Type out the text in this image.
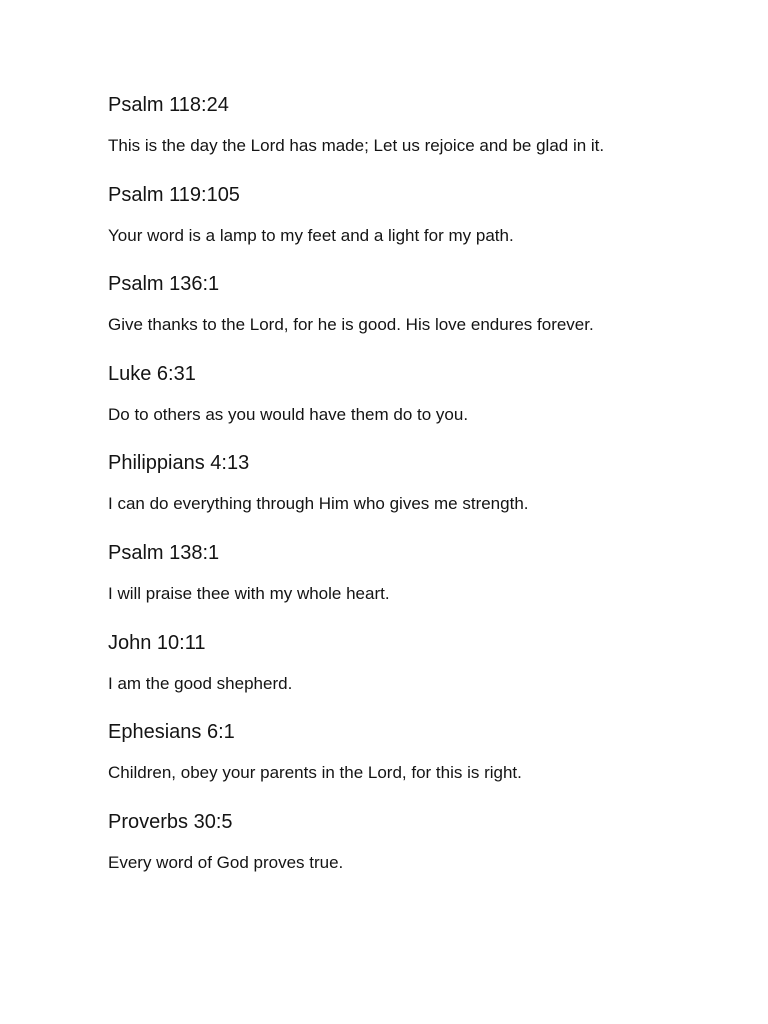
Psalm 118:24

This is the day the Lord has made; Let us rejoice and be glad in it.

Psalm 119:105

Your word is a lamp to my feet and a light for my path.

Psalm 136:1

Give thanks to the Lord, for he is good. His love endures forever.

Luke 6:31

Do to others as you would have them do to you.

Philippians 4:13

I can do everything through Him who gives me strength.

Psalm 138:1

I will praise thee with my whole heart.

John 10:11

I am the good shepherd.

Ephesians 6:1

Children, obey your parents in the Lord, for this is right.

Proverbs 30:5

Every word of God proves true.
